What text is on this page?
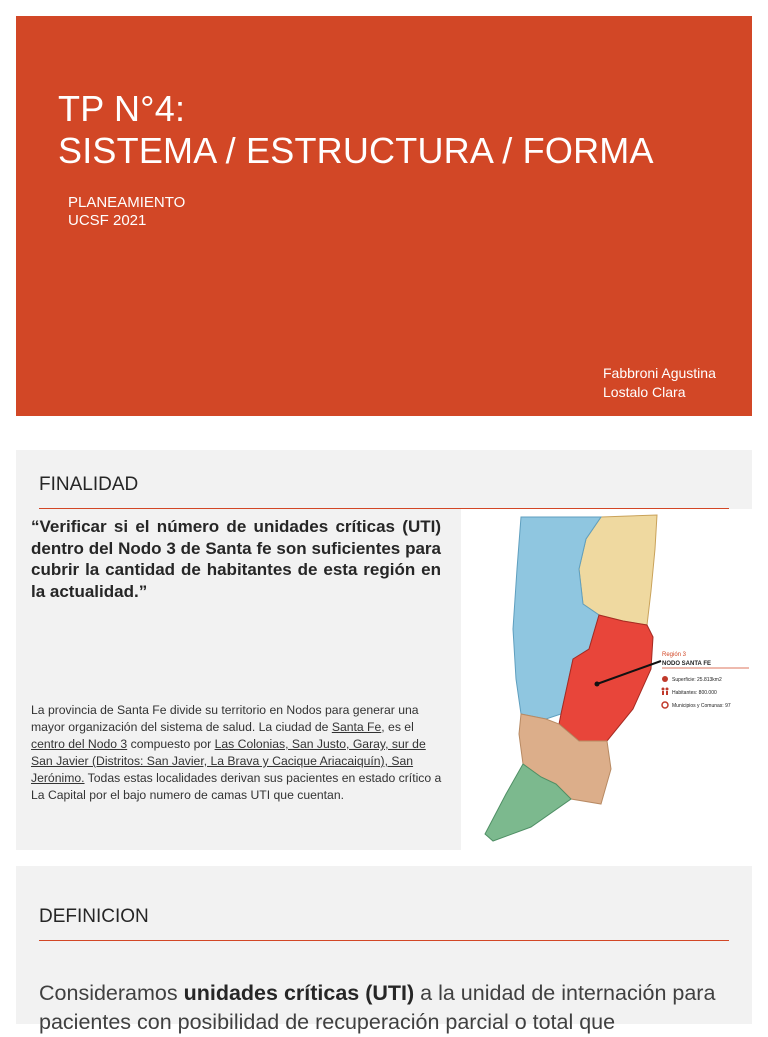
TP N°4:
SISTEMA / ESTRUCTURA / FORMA
PLANEAMIENTO
UCSF 2021
Fabbroni Agustina
Lostalo Clara
FINALIDAD
“Verificar si el número de unidades críticas (UTI) dentro del Nodo 3 de Santa fe son suficientes para cubrir la cantidad de habitantes de esta región en la actualidad.”
La provincia de Santa Fe divide su territorio en Nodos para generar una mayor organización del sistema de salud. La ciudad de Santa Fe, es el centro del Nodo 3 compuesto por Las Colonias, San Justo, Garay, sur de San Javier (Distritos: San Javier, La Brava y Cacique Ariacaiquín), San Jerónimo. Todas estas localidades derivan sus pacientes en estado crítico a La Capital por el bajo numero de camas UTI que cuentan.
Región 3
NODO SANTA FE
Superficie: 25.813km2
Habitantes: 800.000
Municipios y Comunas: 97
DEFINICION
Consideramos unidades críticas (UTI) a la unidad de internación para pacientes con posibilidad de recuperación parcial o total que
